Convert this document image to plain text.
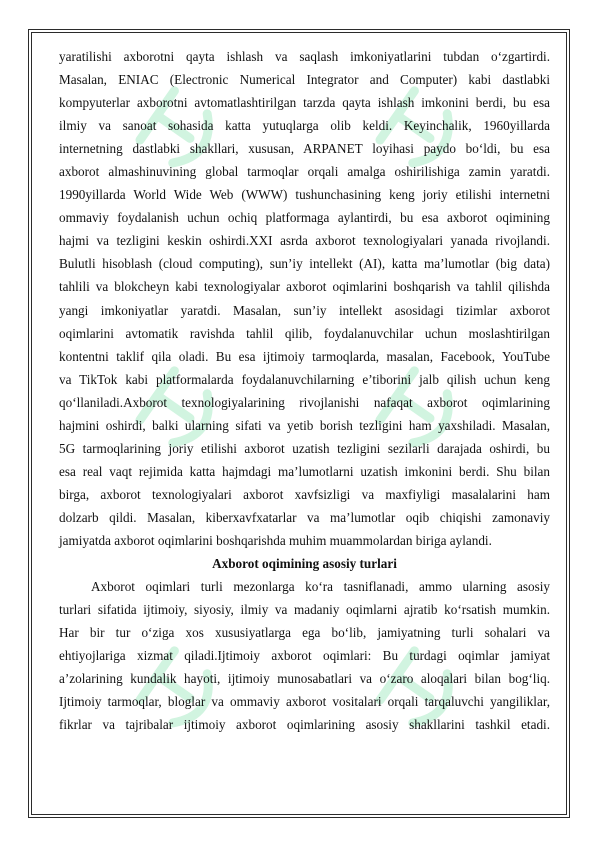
yaratilishi axborotni qayta ishlash va saqlash imkoniyatlarini tubdan o‘zgartirdi.

Masalan, ENIAC (Electronic Numerical Integrator and Computer) kabi dastlabki

kompyuterlar axborotni avtomatlashtirilgan tarzda qayta ishlash imkonini berdi, bu esa

ilmiy va sanoat sohasida katta yutuqlarga olib keldi. Keyinchalik, 1960yillarda

internetning dastlabki shakllari, xususan, ARPANET loyihasi paydo bo‘ldi, bu esa

axborot almashinuvining global tarmoqlar orqali amalga oshirilishiga zamin yaratdi.

1990yillarda World Wide Web (WWW) tushunchasining keng joriy etilishi internetni

ommaviy foydalanish uchun ochiq platformaga aylantirdi, bu esa axborot oqimining

hajmi va tezligini keskin oshirdi.XXI asrda axborot texnologiyalari yanada rivojlandi.

Bulutli hisoblash (cloud computing), sun’iy intellekt (AI), katta ma’lumotlar (big data)

tahlili va blokcheyn kabi texnologiyalar axborot oqimlarini boshqarish va tahlil qilishda

yangi imkoniyatlar yaratdi. Masalan, sun’iy intellekt asosidagi tizimlar axborot

oqimlarini avtomatik ravishda tahlil qilib, foydalanuvchilar uchun moslashtirilgan

kontentni taklif qila oladi. Bu esa ijtimoiy tarmoqlarda, masalan, Facebook, YouTube

va TikTok kabi platformalarda foydalanuvchilarning e’tiborini jalb qilish uchun keng

qo‘llaniladi.Axborot texnologiyalarining rivojlanishi nafaqat axborot oqimlarining

hajmini oshirdi, balki ularning sifati va yetib borish tezligini ham yaxshiladi. Masalan,

5G tarmoqlarining joriy etilishi axborot uzatish tezligini sezilarli darajada oshirdi, bu

esa real vaqt rejimida katta hajmdagi ma’lumotlarni uzatish imkonini berdi. Shu bilan

birga, axborot texnologiyalari axborot xavfsizligi va maxfiyligi masalalarini ham

dolzarb qildi. Masalan, kiberxavfxatarlar va ma’lumotlar oqib chiqishi zamonaviy

jamiyatda axborot oqimlarini boshqarishda muhim muammolardan biriga aylandi.

Axborot oqimining asosiy turlari

Axborot oqimlari turli mezonlarga ko‘ra tasniflanadi, ammo ularning asosiy

turlari sifatida ijtimoiy, siyosiy, ilmiy va madaniy oqimlarni ajratib ko‘rsatish mumkin.

Har bir tur o‘ziga xos xususiyatlarga ega bo‘lib, jamiyatning turli sohalari va

ehtiyojlariga xizmat qiladi.Ijtimoiy axborot oqimlari: Bu turdagi oqimlar jamiyat

a’zolarining kundalik hayoti, ijtimoiy munosabatlari va o‘zaro aloqalari bilan bog‘liq.

Ijtimoiy tarmoqlar, bloglar va ommaviy axborot vositalari orqali tarqaluvchi yangiliklar,

fikrlar va tajribalar ijtimoiy axborot oqimlarining asosiy shakllarini tashkil etadi.
